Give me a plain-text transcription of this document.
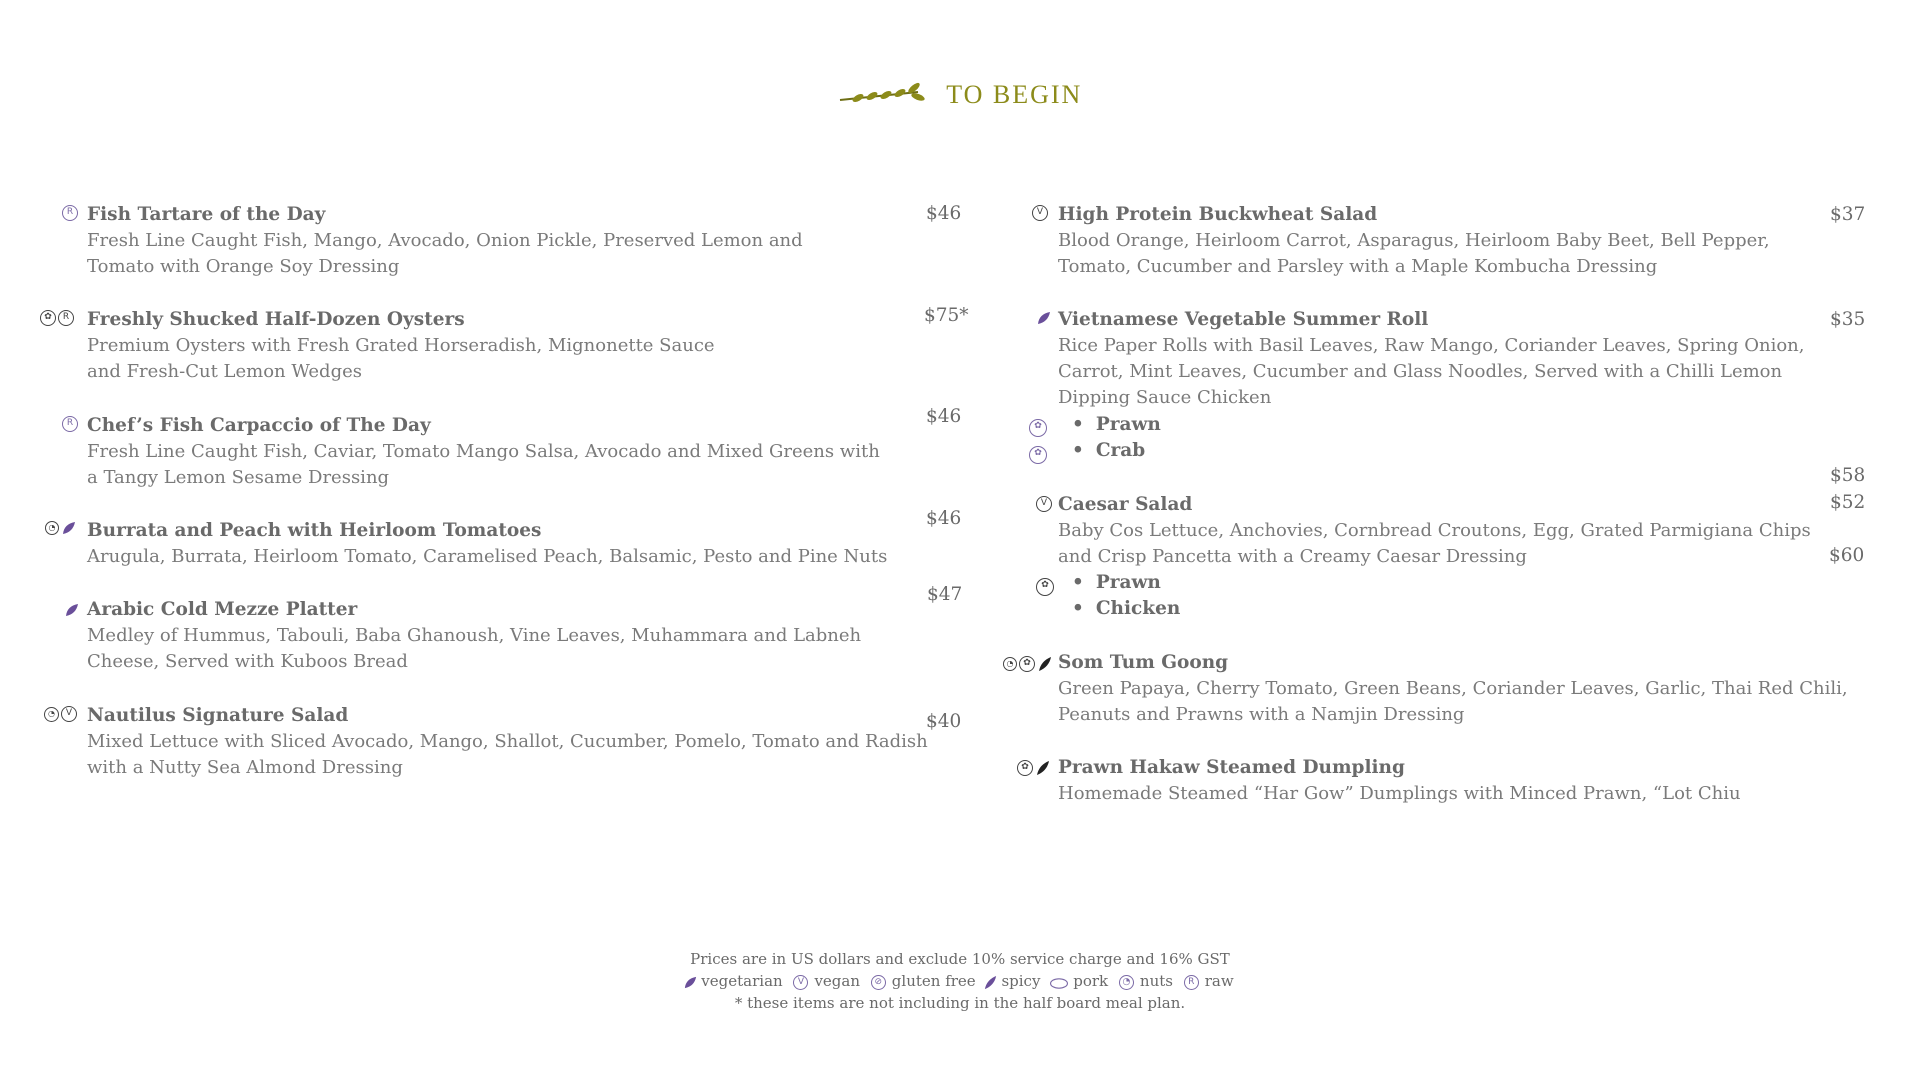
TO BEGIN
R Fish Tartare of the Day
Fresh Line Caught Fish, Mango, Avocado, Onion Pickle, Preserved Lemon and
Tomato with Orange Soy Dressing
$46
✿	R Freshly Shucked Half-Dozen Oysters
Premium Oysters with Fresh Grated Horseradish, Mignonette Sauce
and Fresh-Cut Lemon Wedges
$75*
R Chef’s Fish Carpaccio of The Day
Fresh Line Caught Fish, Caviar, Tomato Mango Salsa, Avocado and Mixed Greens with
a Tangy Lemon Sesame Dressing
$46
◔ Burrata and Peach with Heirloom Tomatoes
Arugula, Burrata, Heirloom Tomato, Caramelised Peach, Balsamic, Pesto and Pine Nuts
$46
Arabic Cold Mezze Platter
Medley of Hummus, Tabouli, Baba Ghanoush, Vine Leaves, Muhammara and Labneh
Cheese, Served with Kuboos Bread
$47
◔	V Nautilus Signature Salad
Mixed Lettuce with Sliced Avocado, Mango, Shallot, Cucumber, Pomelo, Tomato and Radish
with a Nutty Sea Almond Dressing
$40
V High Protein Buckwheat Salad
Blood Orange, Heirloom Carrot, Asparagus, Heirloom Baby Beet, Bell Pepper,
Tomato, Cucumber and Parsley with a Maple Kombucha Dressing
$37
Vietnamese Vegetable Summer Roll
Rice Paper Rolls with Basil Leaves, Raw Mango, Coriander Leaves, Spring Onion,
Carrot, Mint Leaves, Cucumber and Glass Noodles, Served with a Chilli Lemon
Dipping Sauce Chicken
$35
✿
✿
• Prawn
• Crab
$58
V Caesar Salad
Baby Cos Lettuce, Anchovies, Cornbread Croutons, Egg, Grated Parmigiana Chips
and Crisp Pancetta with a Creamy Caesar Dressing
$52
$60
✿
•	Prawn
• Chicken
◔	✿ Som Tum Goong
Green Papaya, Cherry Tomato, Green Beans, Coriander Leaves, Garlic, Thai Red Chili,
Peanuts and Prawns with a Namjin Dressing
✿ Prawn Hakaw Steamed Dumpling
Homemade Steamed “Har Gow” Dumplings with Minced Prawn, “Lot Chiu
Prices are in US dollars and exclude 10% service charge and 16% GST
vegetarian V vegan ⊘ gluten free spicy pork ◔ nuts R raw
* these items are not including in the half board meal plan.
